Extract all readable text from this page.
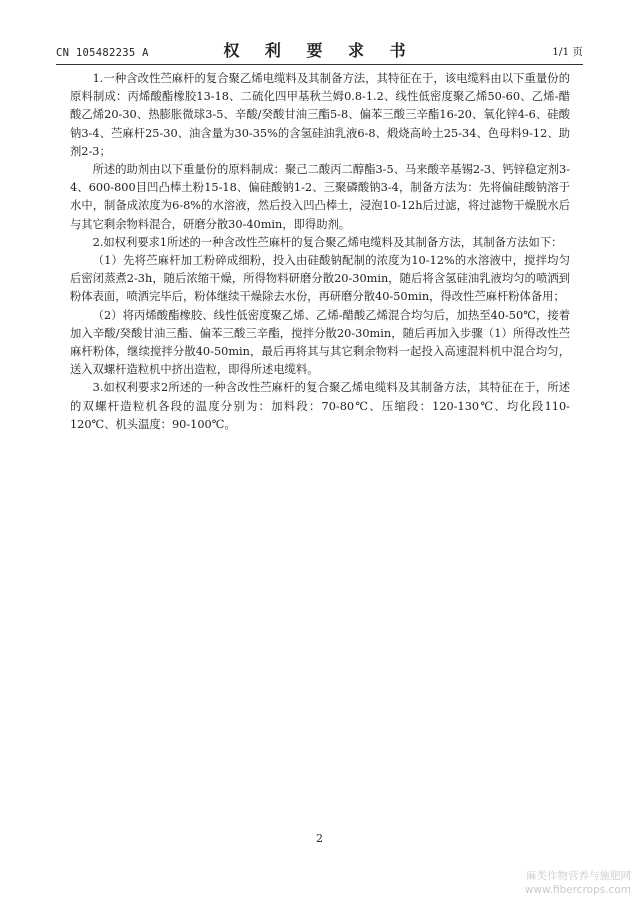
CN 105482235 A	权 利 要 求 书	1/1 页

1.一种含改性苎麻杆的复合聚乙烯电缆料及其制备方法，其特征在于，该电缆料由以下重量份的原料制成：丙烯酸酯橡胶13-18、二硫化四甲基秋兰姆0.8-1.2、线性低密度聚乙烯50-60、乙烯-醋酸乙烯20-30、热膨胀微球3-5、辛酸/癸酸甘油三酯5-8、偏苯三酸三辛酯16-20、氧化锌4-6、硅酸钠3-4、苎麻杆25-30、油含量为30-35%的含氢硅油乳液6-8、煅烧高岭土25-34、色母料9-12、助剂2-3；

所述的助剂由以下重量份的原料制成：聚己二酸丙二醇酯3-5、马来酸辛基锡2-3、钙锌稳定剂3-4、600-800目凹凸棒土粉15-18、偏硅酸钠1-2、三聚磷酸钠3-4，制备方法为：先将偏硅酸钠溶于水中，制备成浓度为6-8%的水溶液，然后投入凹凸棒土，浸泡10-12h后过滤，将过滤物干燥脱水后与其它剩余物料混合，研磨分散30-40min，即得助剂。

2.如权利要求1所述的一种含改性苎麻杆的复合聚乙烯电缆料及其制备方法，其制备方法如下：

（1）先将苎麻杆加工粉碎成细粉，投入由硅酸钠配制的浓度为10-12%的水溶液中，搅拌均匀后密闭蒸煮2-3h，随后浓缩干燥，所得物料研磨分散20-30min，随后将含氢硅油乳液均匀的喷洒到粉体表面，喷洒完毕后，粉体继续干燥除去水份，再研磨分散40-50min，得改性苎麻杆粉体备用；

（2）将丙烯酸酯橡胶、线性低密度聚乙烯、乙烯-醋酸乙烯混合均匀后，加热至40-50℃，接着加入辛酸/癸酸甘油三酯、偏苯三酸三辛酯，搅拌分散20-30min，随后再加入步骤（1）所得改性苎麻杆粉体，继续搅拌分散40-50min，最后再将其与其它剩余物料一起投入高速混料机中混合均匀，送入双螺杆造粒机中挤出造粒，即得所述电缆料。

3.如权利要求2所述的一种含改性苎麻杆的复合聚乙烯电缆料及其制备方法，其特征在于，所述的双螺杆造粒机各段的温度分别为：加料段：70-80℃、压缩段：120-130℃、均化段110-120℃、机头温度：90-100℃。

2
麻类作物营养与施肥网
www.fibercrops.com
